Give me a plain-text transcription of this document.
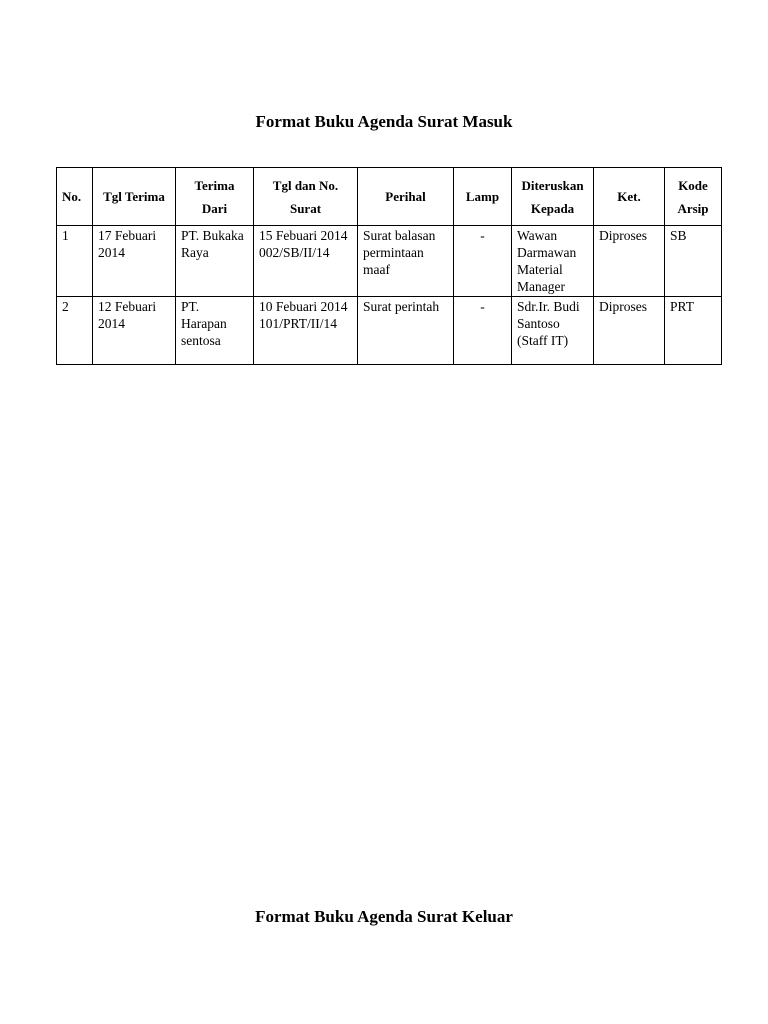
Format Buku Agenda Surat Masuk
No.	Tgl Terima	Terima Dari	Tgl dan No. Surat	Perihal	Lamp	Diteruskan Kepada	Ket.	Kode Arsip
1	17 Febuari 2014	PT. Bukaka Raya	15 Febuari 2014 002/SB/II/14	Surat balasan permintaan maaf	-	Wawan Darmawan Material Manager	Diproses	SB
2	12 Febuari 2014	PT. Harapan sentosa	10 Febuari 2014 101/PRT/II/14	Surat perintah	-	Sdr.Ir. Budi Santoso (Staff IT)	Diproses	PRT
Format Buku Agenda Surat Keluar
